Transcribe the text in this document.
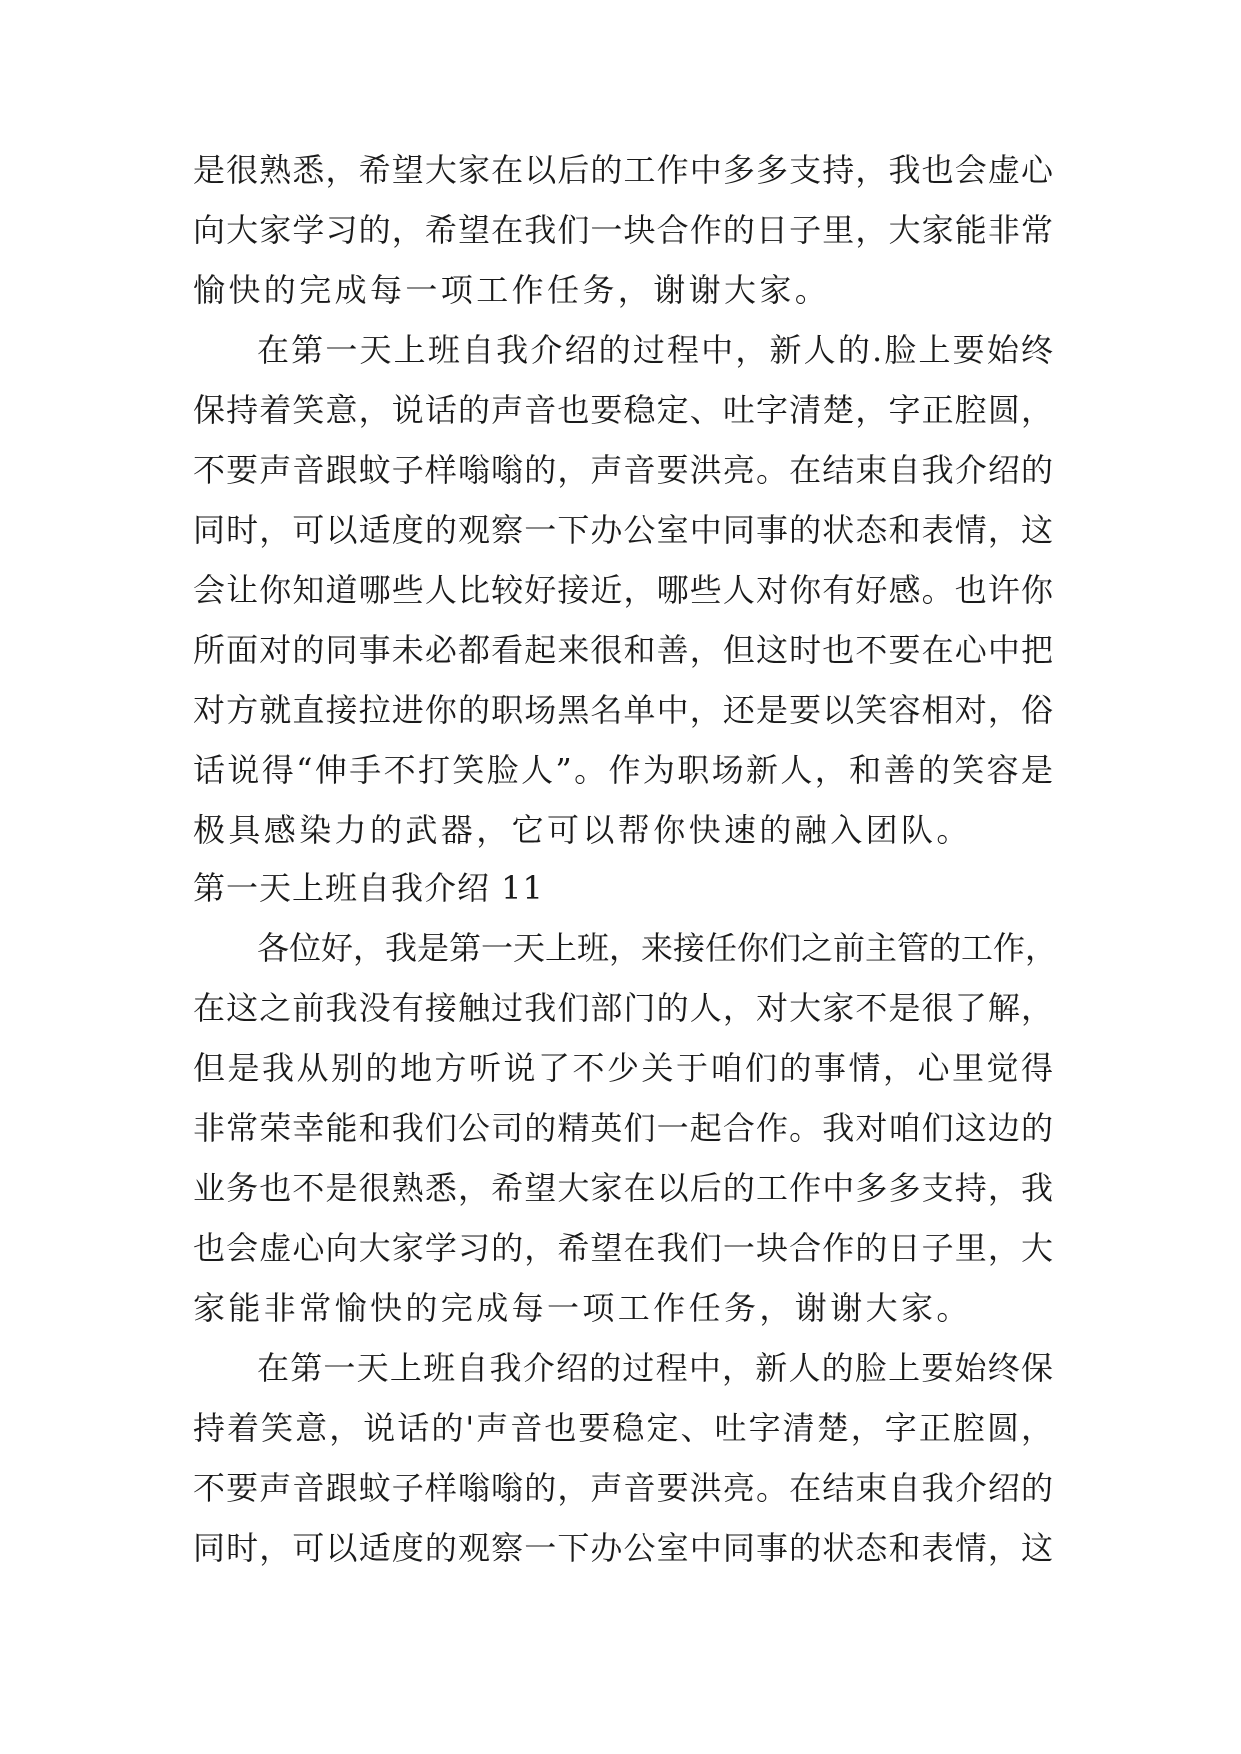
是很熟悉，希望大家在以后的工作中多多支持，我也会虚心
向大家学习的，希望在我们一块合作的日子里，大家能非常
愉快的完成每一项工作任务，谢谢大家。
在第一天上班自我介绍的过程中，新人的.脸上要始终
保持着笑意，说话的声音也要稳定、吐字清楚，字正腔圆，
不要声音跟蚊子样嗡嗡的，声音要洪亮。在结束自我介绍的
同时，可以适度的观察一下办公室中同事的状态和表情，这
会让你知道哪些人比较好接近，哪些人对你有好感。也许你
所面对的同事未必都看起来很和善，但这时也不要在心中把
对方就直接拉进你的职场黑名单中，还是要以笑容相对，俗
话说得“伸手不打笑脸人”。作为职场新人，和善的笑容是
极具感染力的武器，它可以帮你快速的融入团队。
第一天上班自我介绍 11
各位好，我是第一天上班，来接任你们之前主管的工作，
在这之前我没有接触过我们部门的人，对大家不是很了解，
但是我从别的地方听说了不少关于咱们的事情，心里觉得
非常荣幸能和我们公司的精英们一起合作。我对咱们这边的
业务也不是很熟悉，希望大家在以后的工作中多多支持，我
也会虚心向大家学习的，希望在我们一块合作的日子里，大
家能非常愉快的完成每一项工作任务，谢谢大家。
在第一天上班自我介绍的过程中，新人的脸上要始终保
持着笑意，说话的'声音也要稳定、吐字清楚，字正腔圆，
不要声音跟蚊子样嗡嗡的，声音要洪亮。在结束自我介绍的
同时，可以适度的观察一下办公室中同事的状态和表情，这
